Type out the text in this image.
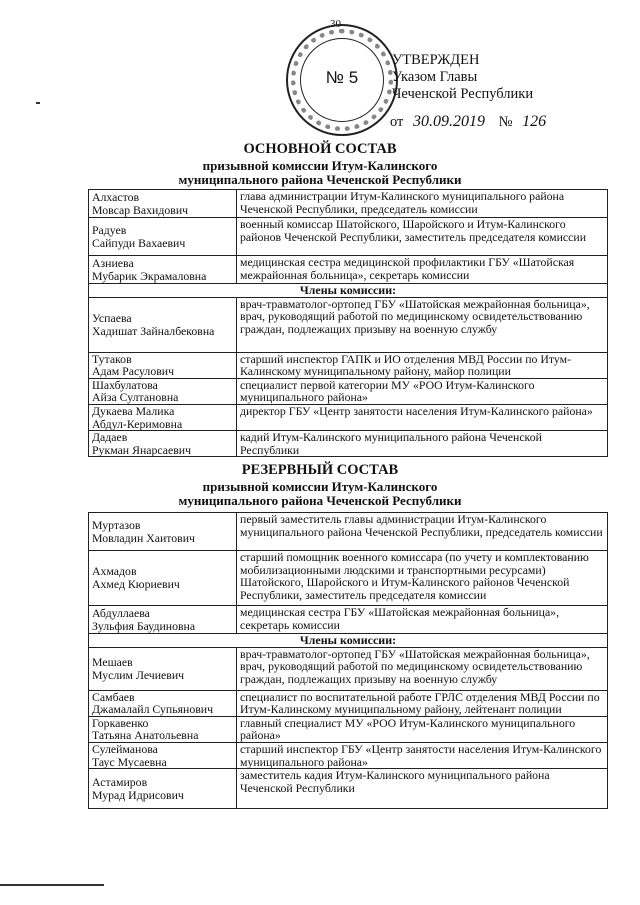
30
№ 5
УТВЕРЖДЕН
Указом Главы
Чеченской Республики
от 30.09.2019 № 126
ОСНОВНОЙ СОСТАВ
призывной комиссии Итум-Калинского
муниципального района Чеченской Республики
Алхастов
Мовсар Вахидович	глава администрации Итум-Калинского муниципального района Чеченской Республики, председатель комиссии

Радуев
Сайпуди Вахаевич	военный комиссар Шатойского, Шаройского и Итум-Калинского районов Чеченской Республики, заместитель председателя комиссии

Азниева
Мубарик Экрамаловна	медицинская сестра медицинской профилактики ГБУ «Шатойская межрайонная больница», секретарь комиссии
Члены комиссии:	

Успаева
Хадишат Зайналбековна	врач-травматолог-ортопед ГБУ «Шатойская межрайонная больница», врач, руководящий работой по медицинскому освидетельствованию граждан, подлежащих призыву на военную службу

Тутаков
Адам Расулович	старший инспектор ГАПК и ИО отделения МВД России по Итум-Калинскому муниципальному району, майор полиции

Шахбулатова
Айза Султановна	специалист первой категории МУ «РОО Итум-Калинского муниципального района»

Дукаева Малика
Абдул-Керимовна	директор ГБУ «Центр занятости населения Итум-Калинского района»

Дадаев
Рукман Янарсаевич	кадий Итум-Калинского муниципального района Чеченской Республики
РЕЗЕРВНЫЙ СОСТАВ
призывной комиссии Итум-Калинского
муниципального района Чеченской Республики
Муртазов
Мовладин Хаитович	первый заместитель главы администрации Итум-Калинского муниципального района Чеченской Республики, председатель комиссии

Ахмадов
Ахмед Кюриевич	старший помощник военного комиссара (по учету и комплектованию мобилизационными людскими и транспортными ресурсами) Шатойского, Шаройского и Итум-Калинского районов Чеченской Республики, заместитель председателя комиссии

Абдуллаева
Зульфия Баудиновна	медицинская сестра ГБУ «Шатойская межрайонная больница», секретарь комиссии
Члены комиссии:	

Мешаев
Муслим Лечиевич	врач-травматолог-ортопед ГБУ «Шатойская межрайонная больница», врач, руководящий работой по медицинскому освидетельствованию граждан, подлежащих призыву на военную службу

Самбаев
Джамалайл Супьянович	специалист по воспитательной работе ГРЛС отделения МВД России по Итум-Калинскому муниципальному району, лейтенант полиции

Горкавенко
Татьяна Анатольевна	главный специалист МУ «РОО Итум-Калинского муниципального района»

Сулейманова
Таус Мусаевна	старший инспектор ГБУ «Центр занятости населения Итум-Калинского муниципального района»

Астамиров
Мурад Идрисович	заместитель кадия Итум-Калинского муниципального района Чеченской Республики
